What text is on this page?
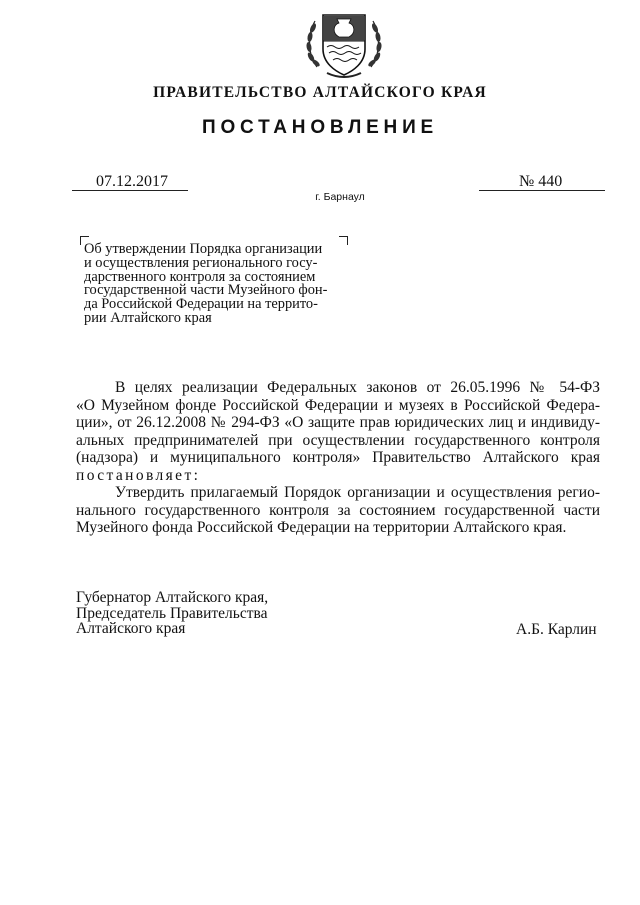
ПРАВИТЕЛЬСТВО АЛТАЙСКОГО КРАЯ
ПОСТАНОВЛЕНИЕ
07.12.2017	№ 440
г. Барнаул
Об утверждении Порядка организации
и осуществления регионального госу-
дарственного контроля за состоянием
государственной части Музейного фон-
да Российской Федерации на террито-
рии Алтайского края
В целях реализации Федеральных законов от 26.05.1996 № 54-ФЗ
«О Музейном фонде Российской Федерации и музеях в Российской Федера-
ции», от 26.12.2008 № 294-ФЗ «О защите прав юридических лиц и индивиду-
альных предпринимателей при осуществлении государственного контроля
(надзора) и муниципального контроля» Правительство Алтайского края
постановляет:
Утвердить прилагаемый Порядок организации и осуществления регио-
нального государственного контроля за состоянием государственной части
Музейного фонда Российской Федерации на территории Алтайского края.
Губернатор Алтайского края,
Председатель Правительства
Алтайского края	А.Б. Карлин
